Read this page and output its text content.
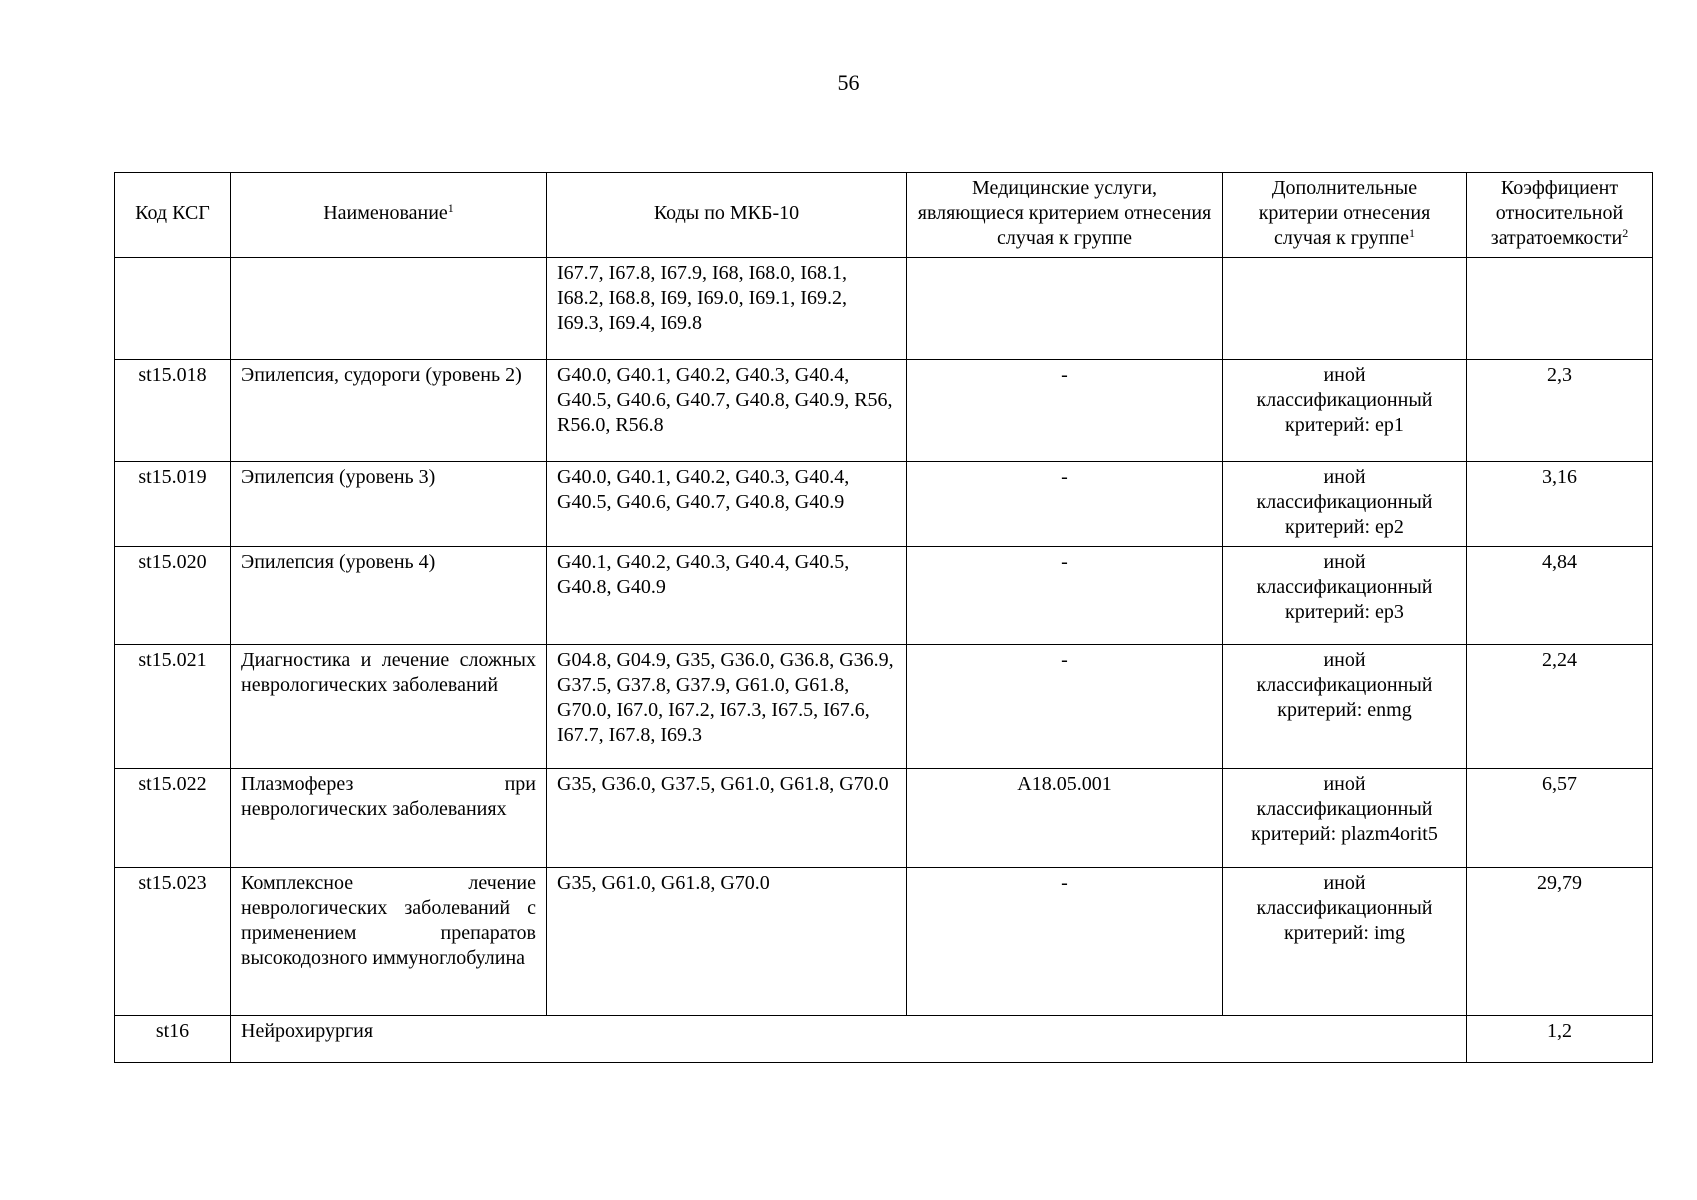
56
Код КСГ	Наименование$^1$	Коды по МКБ-10	Медицинские услуги, являющиеся критерием отнесения случая к группе	Дополнительные критерии отнесения случая к группе$^1$	Коэффициент относительной затратоемкости$^2$
		I67.7, I67.8, I67.9, I68, I68.0, I68.1, I68.2, I68.8, I69, I69.0, I69.1, I69.2, I69.3, I69.4, I69.8			
st15.018	Эпилепсия, судороги (уровень 2)	G40.0, G40.1, G40.2, G40.3, G40.4, G40.5, G40.6, G40.7, G40.8, G40.9, R56, R56.0, R56.8	-	иной классификационный критерий: ep1	2,3
st15.019	Эпилепсия (уровень 3)	G40.0, G40.1, G40.2, G40.3, G40.4, G40.5, G40.6, G40.7, G40.8, G40.9	-	иной классификационный критерий: ep2	3,16
st15.020	Эпилепсия (уровень 4)	G40.1, G40.2, G40.3, G40.4, G40.5, G40.8, G40.9	-	иной классификационный критерий: ep3	4,84
st15.021	Диагностика и лечение сложных неврологических заболеваний	G04.8, G04.9, G35, G36.0, G36.8, G36.9, G37.5, G37.8, G37.9, G61.0, G61.8, G70.0, I67.0, I67.2, I67.3, I67.5, I67.6, I67.7, I67.8, I69.3	-	иной классификационный критерий: enmg	2,24
st15.022	Плазмоферез при неврологических заболеваниях	G35, G36.0, G37.5, G61.0, G61.8, G70.0	A18.05.001	иной классификационный критерий: plazm4orit5	6,57
st15.023	Комплексное лечение неврологических заболеваний с применением препаратов высокодозного иммуноглобулина	G35, G61.0, G61.8, G70.0	-	иной классификационный критерий: img	29,79
st16	Нейрохирургия				1,2
